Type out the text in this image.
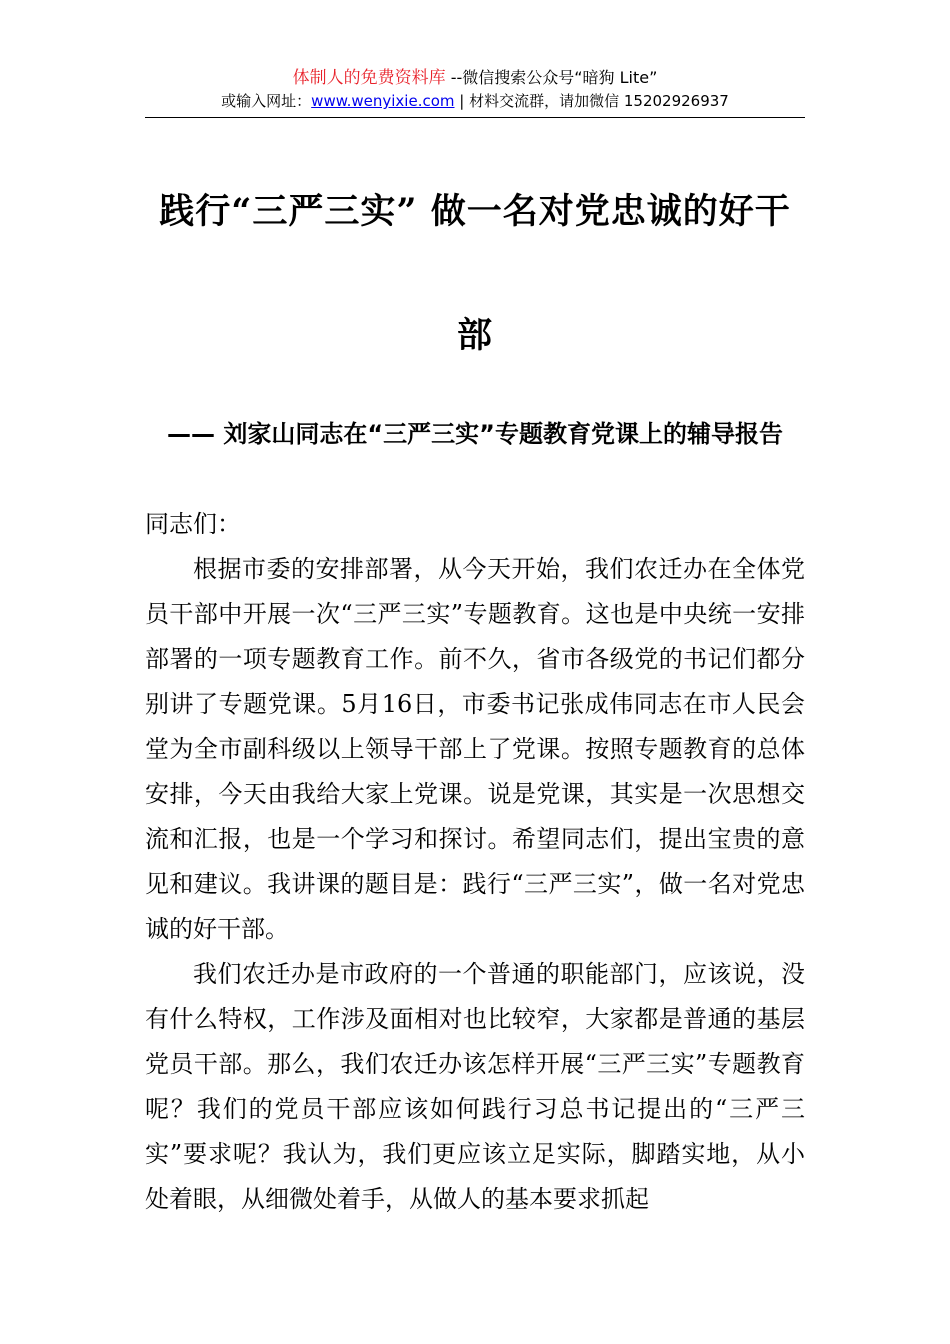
体制人的免费资料库 --微信搜索公众号“暗狗 Lite”
或输入网址：www.wenyixie.com | 材料交流群，请加微信 15202926937
践行“三严三实” 做一名对党忠诚的好干部
—— 刘家山同志在“三严三实”专题教育党课上的辅导报告

同志们：

根据市委的安排部署，从今天开始，我们农迁办在全体党员干部中开展一次“三严三实”专题教育。这也是中央统一安排部署的一项专题教育工作。前不久，省市各级党的书记们都分别讲了专题党课。5月16日，市委书记张成伟同志在市人民会堂为全市副科级以上领导干部上了党课。按照专题教育的总体安排，今天由我给大家上党课。说是党课，其实是一次思想交流和汇报，也是一个学习和探讨。希望同志们，提出宝贵的意见和建议。我讲课的题目是：践行“三严三实”，做一名对党忠诚的好干部。

我们农迁办是市政府的一个普通的职能部门，应该说，没有什么特权，工作涉及面相对也比较窄，大家都是普通的基层党员干部。那么，我们农迁办该怎样开展“三严三实”专题教育呢？我们的党员干部应该如何践行习总书记提出的“三严三实”要求呢？我认为，我们更应该立足实际，脚踏实地，从小处着眼，从细微处着手，从做人的基本要求抓起
